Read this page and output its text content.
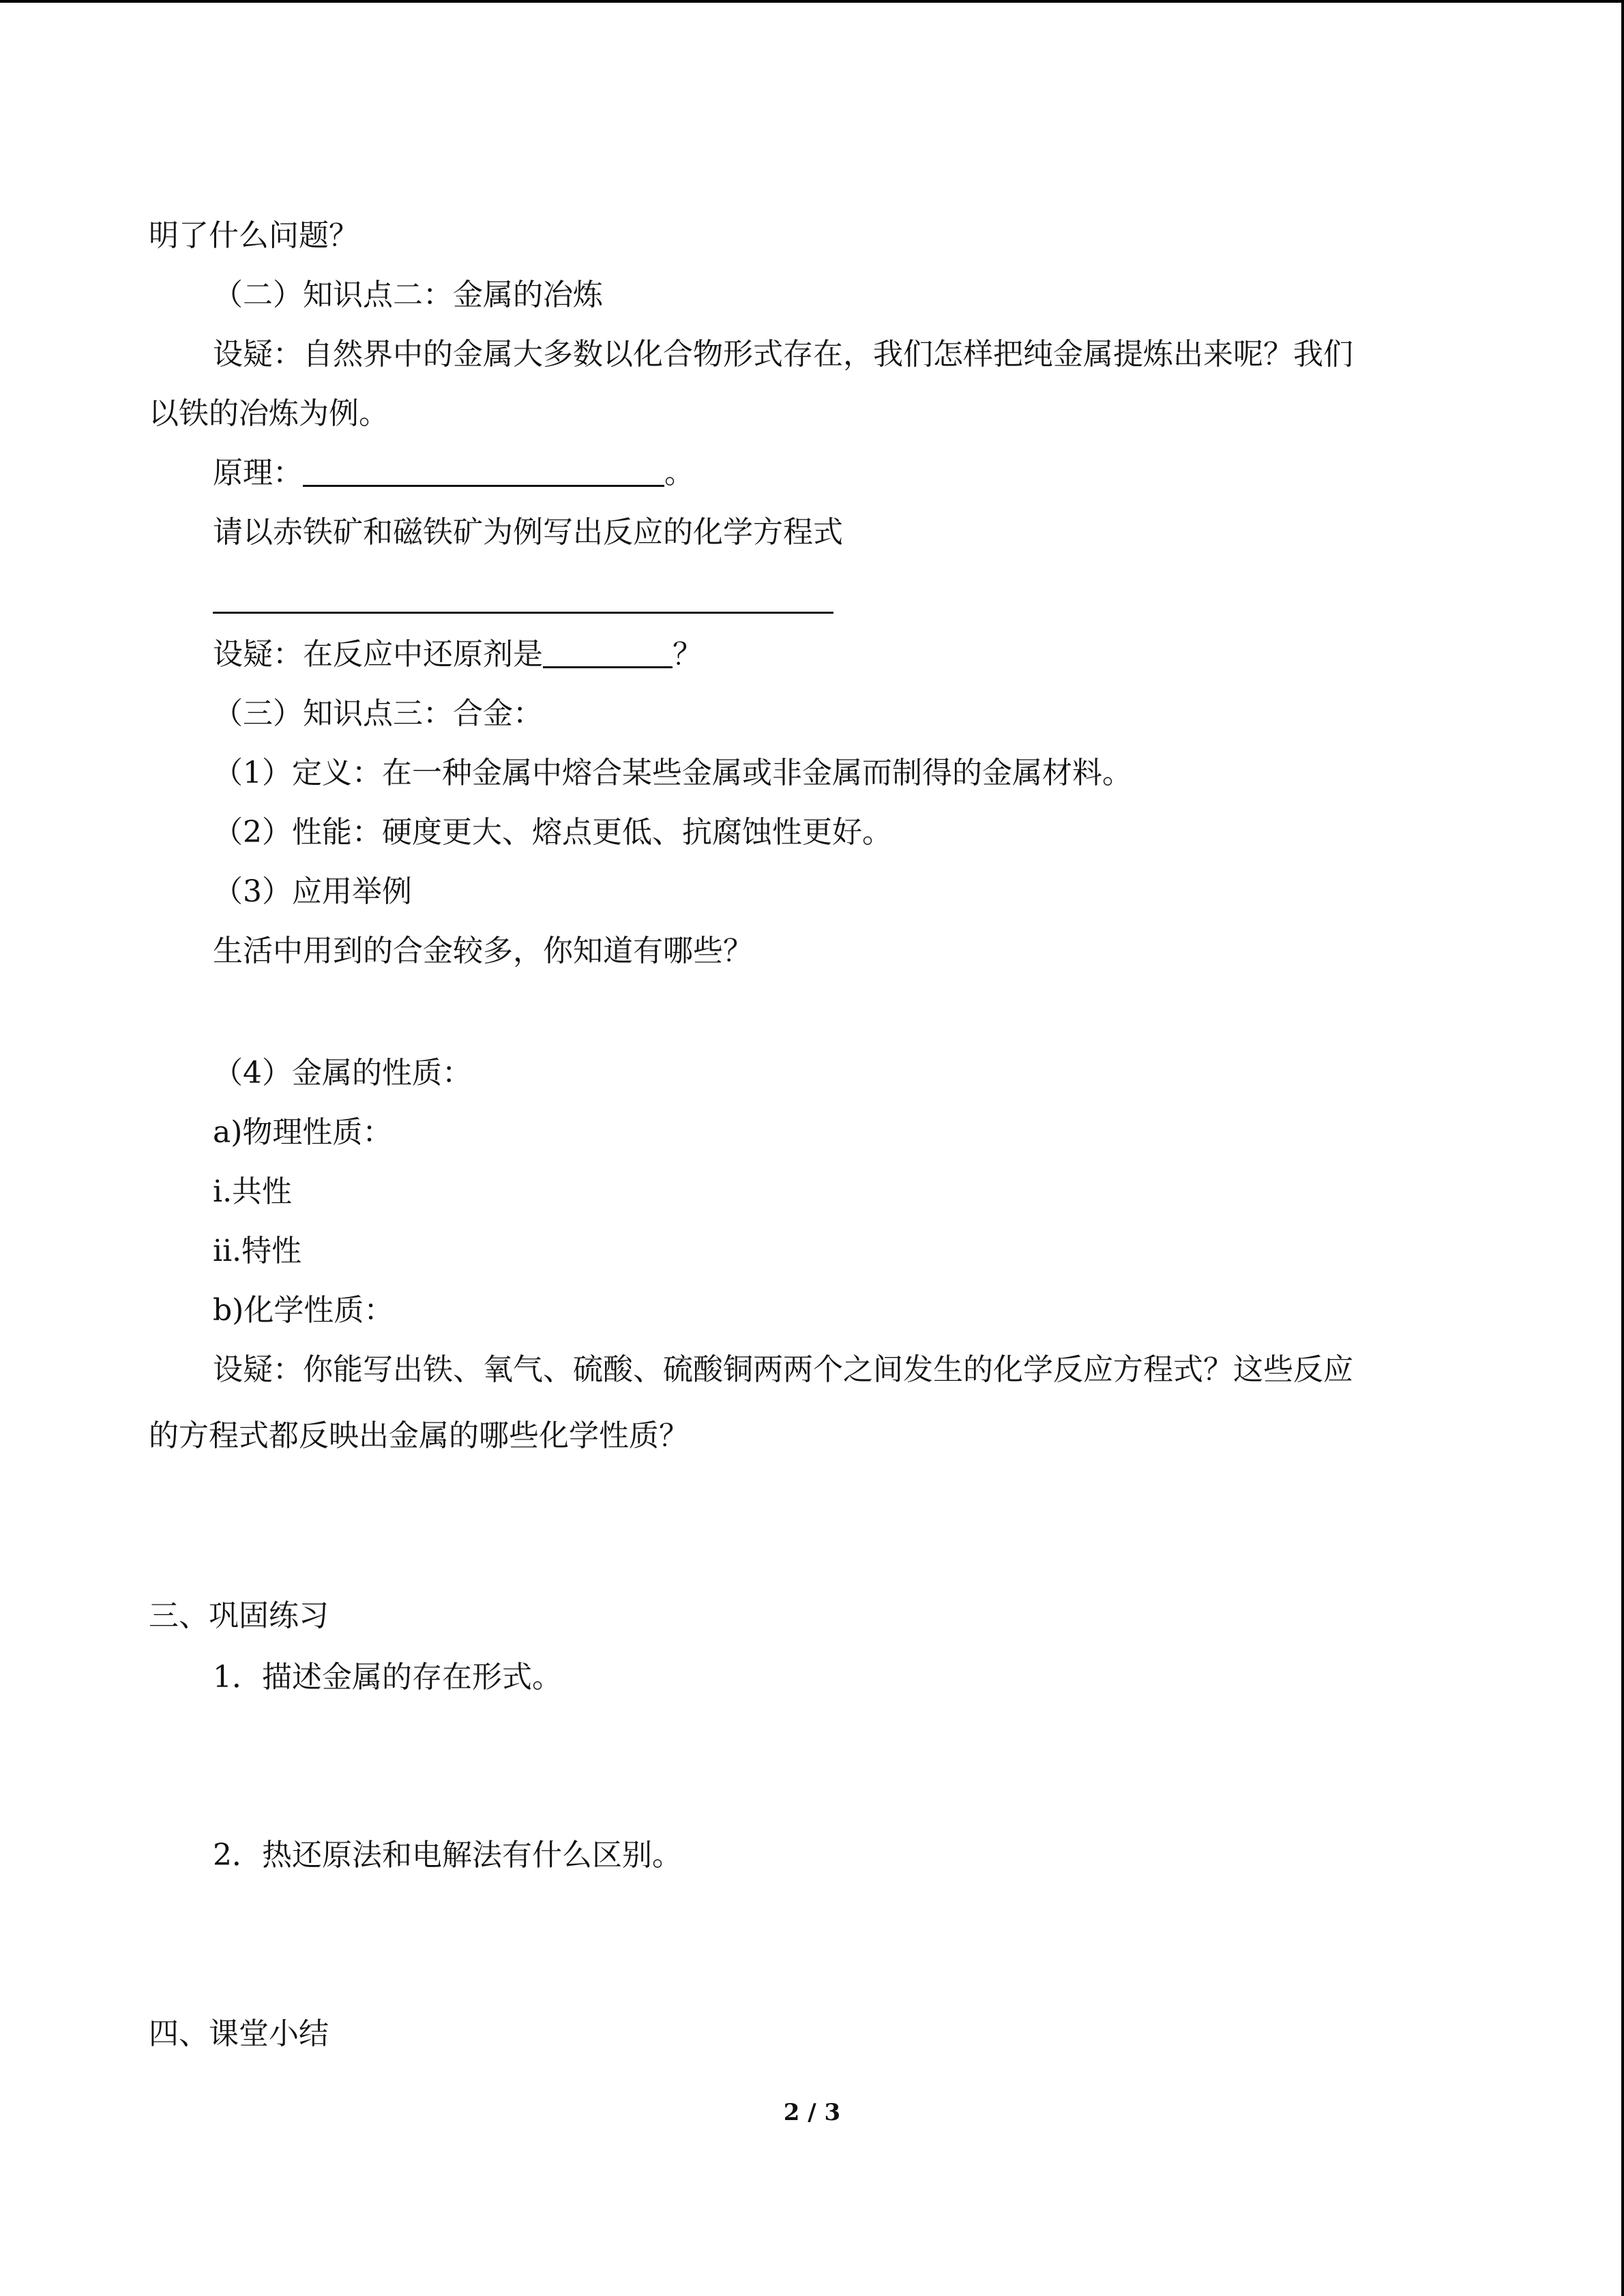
明了什么问题？
（二）知识点二：金属的冶炼
设疑：自然界中的金属大多数以化合物形式存在，我们怎样把纯金属提炼出来呢？我们
以铁的冶炼为例。
原理：	。
请以赤铁矿和磁铁矿为例写出反应的化学方程式
设疑：在反应中还原剂是	？
（三）知识点三：合金：
（1）定义：在一种金属中熔合某些金属或非金属而制得的金属材料。
（2）性能：硬度更大、熔点更低、抗腐蚀性更好。
（3）应用举例
生活中用到的合金较多，你知道有哪些？
（4）金属的性质：
a)物理性质：
i.共性
ii.特性
b)化学性质：
设疑：你能写出铁、氧气、硫酸、硫酸铜两两个之间发生的化学反应方程式？这些反应
的方程式都反映出金属的哪些化学性质？
三、巩固练习
1．描述金属的存在形式。
2．热还原法和电解法有什么区别。
四、课堂小结
2 / 3
